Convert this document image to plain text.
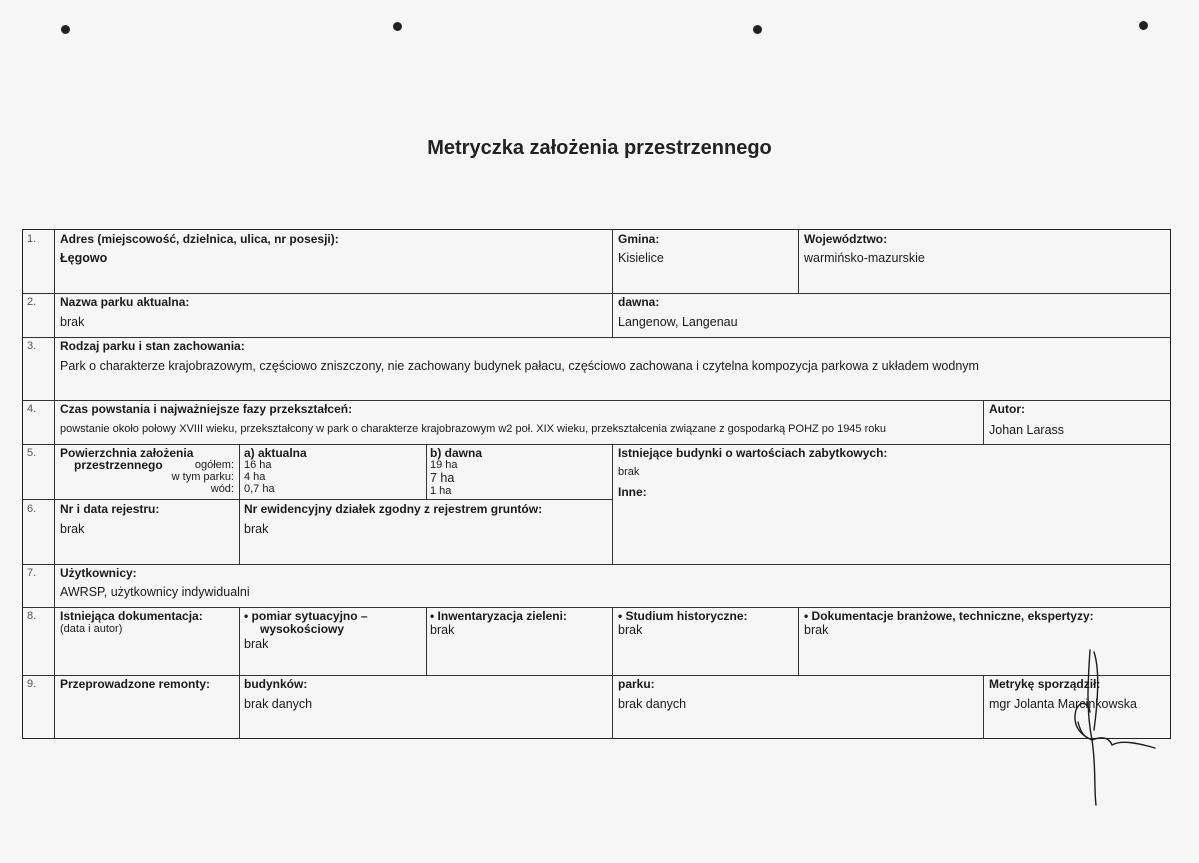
Metryczka założenia przestrzennego
1. Adres (miejscowość, dzielnica, ulica, nr posesji):
Łęgowo
Gmina:
Kisielice
Województwo:
warmińsko-mazurskie
2. Nazwa parku aktualna:
brak
dawna:
Langenow, Langenau
3. Rodzaj parku i stan zachowania:
Park o charakterze krajobrazowym, częściowo zniszczony, nie zachowany budynek pałacu, częściowo zachowana i czytelna kompozycja parkowa z układem wodnym
4. Czas powstania i najważniejsze fazy przekształceń:
powstanie około połowy XVIII wieku, przekształcony w park o charakterze krajobrazowym w2 poł. XIX wieku, przekształcenia związane z gospodarką POHZ po 1945 roku
Autor:
Johan Larass
5. Powierzchnia założenia
przestrzennego	ogółem:
w tym parku:
wód:
a) aktualna
16 ha
4 ha
0,7 ha
b) dawna
19 ha
7 ha
1 ha
Istniejące budynki o wartościach zabytkowych:
brak
Inne:
6. Nr i data rejestru:
brak
Nr ewidencyjny działek zgodny z rejestrem gruntów:
brak
7. Użytkownicy:
AWRSP, użytkownicy indywidualni
8. Istniejąca dokumentacja:
(data i autor)
• pomiar sytuacyjno –
wysokościowy
brak
• Inwentaryzacja zieleni:
brak
• Studium historyczne:
brak
• Dokumentacje branżowe, techniczne, ekspertyzy:
brak
9. Przeprowadzone remonty:	budynków:
brak danych
parku:
brak danych
Metrykę sporządził:
mgr Jolanta Marcinkowska
